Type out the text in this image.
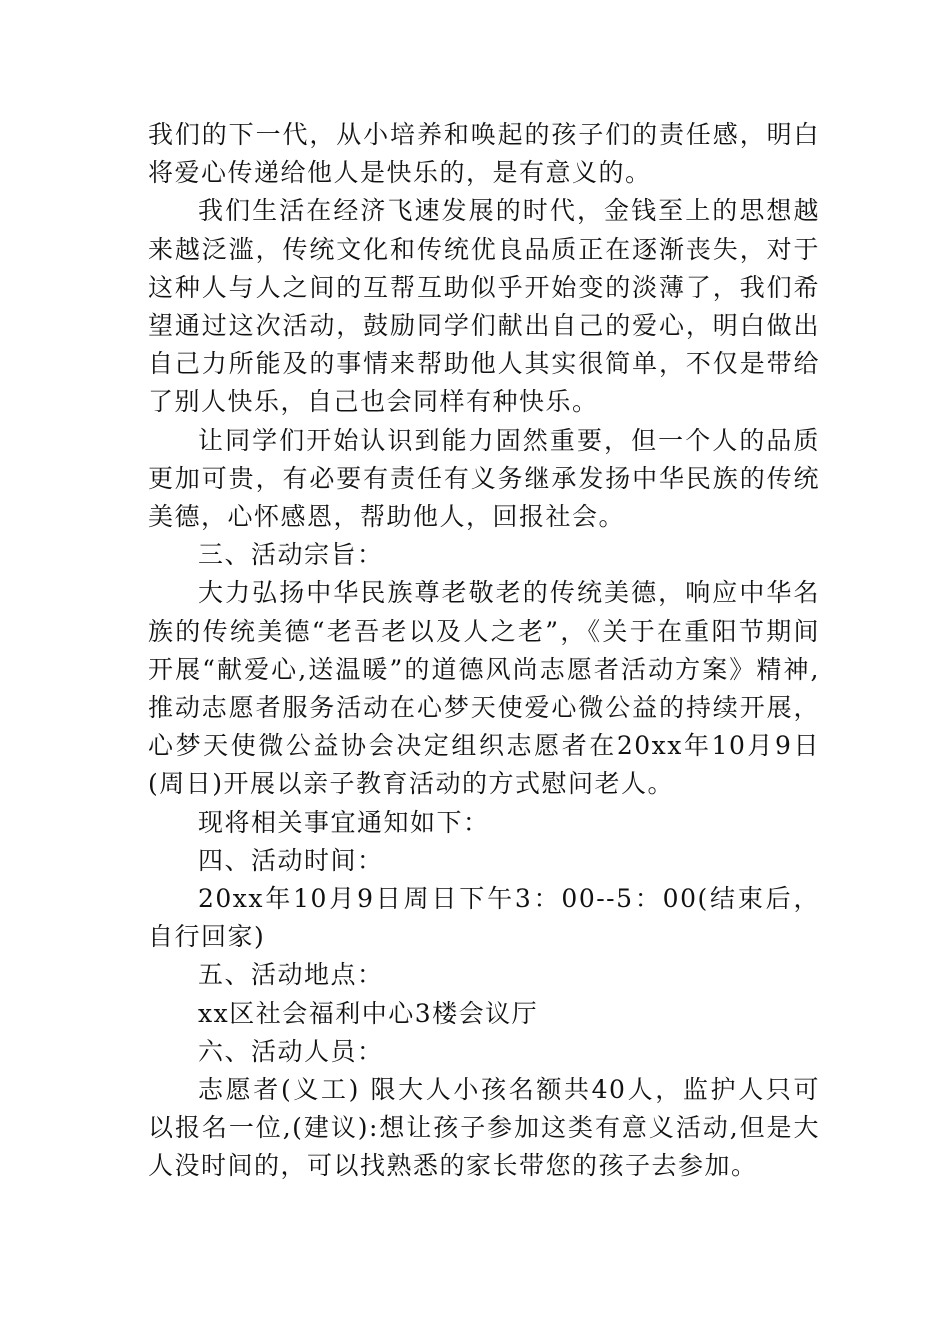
我们的下一代，从小培养和唤起的孩子们的责任感，明白将爱心传递给他人是快乐的，是有意义的。

我们生活在经济飞速发展的时代，金钱至上的思想越来越泛滥，传统文化和传统优良品质正在逐渐丧失，对于这种人与人之间的互帮互助似乎开始变的淡薄了，我们希望通过这次活动，鼓励同学们献出自己的爱心，明白做出自己力所能及的事情来帮助他人其实很简单，不仅是带给了别人快乐，自己也会同样有种快乐。

让同学们开始认识到能力固然重要，但一个人的品质更加可贵，有必要有责任有义务继承发扬中华民族的传统美德，心怀感恩，帮助他人，回报社会。

三、活动宗旨：

大力弘扬中华民族尊老敬老的传统美德，响应中华名族的传统美德“老吾老以及人之老”，《关于在重阳节期间开展“献爱心,送温暖”的道德风尚志愿者活动方案》精神,推动志愿者服务活动在心梦天使爱心微公益的持续开展，心梦天使微公益协会决定组织志愿者在20xx年10月9日(周日)开展以亲子教育活动的方式慰问老人。

现将相关事宜通知如下：

四、活动时间：

20xx年10月9日周日下午3：00--5：00(结束后，自行回家)

五、活动地点：

xx区社会福利中心3楼会议厅

六、活动人员：

志愿者(义工) 限大人小孩名额共40人，监护人只可以报名一位,(建议):想让孩子参加这类有意义活动,但是大人没时间的，可以找熟悉的家长带您的孩子去参加。
